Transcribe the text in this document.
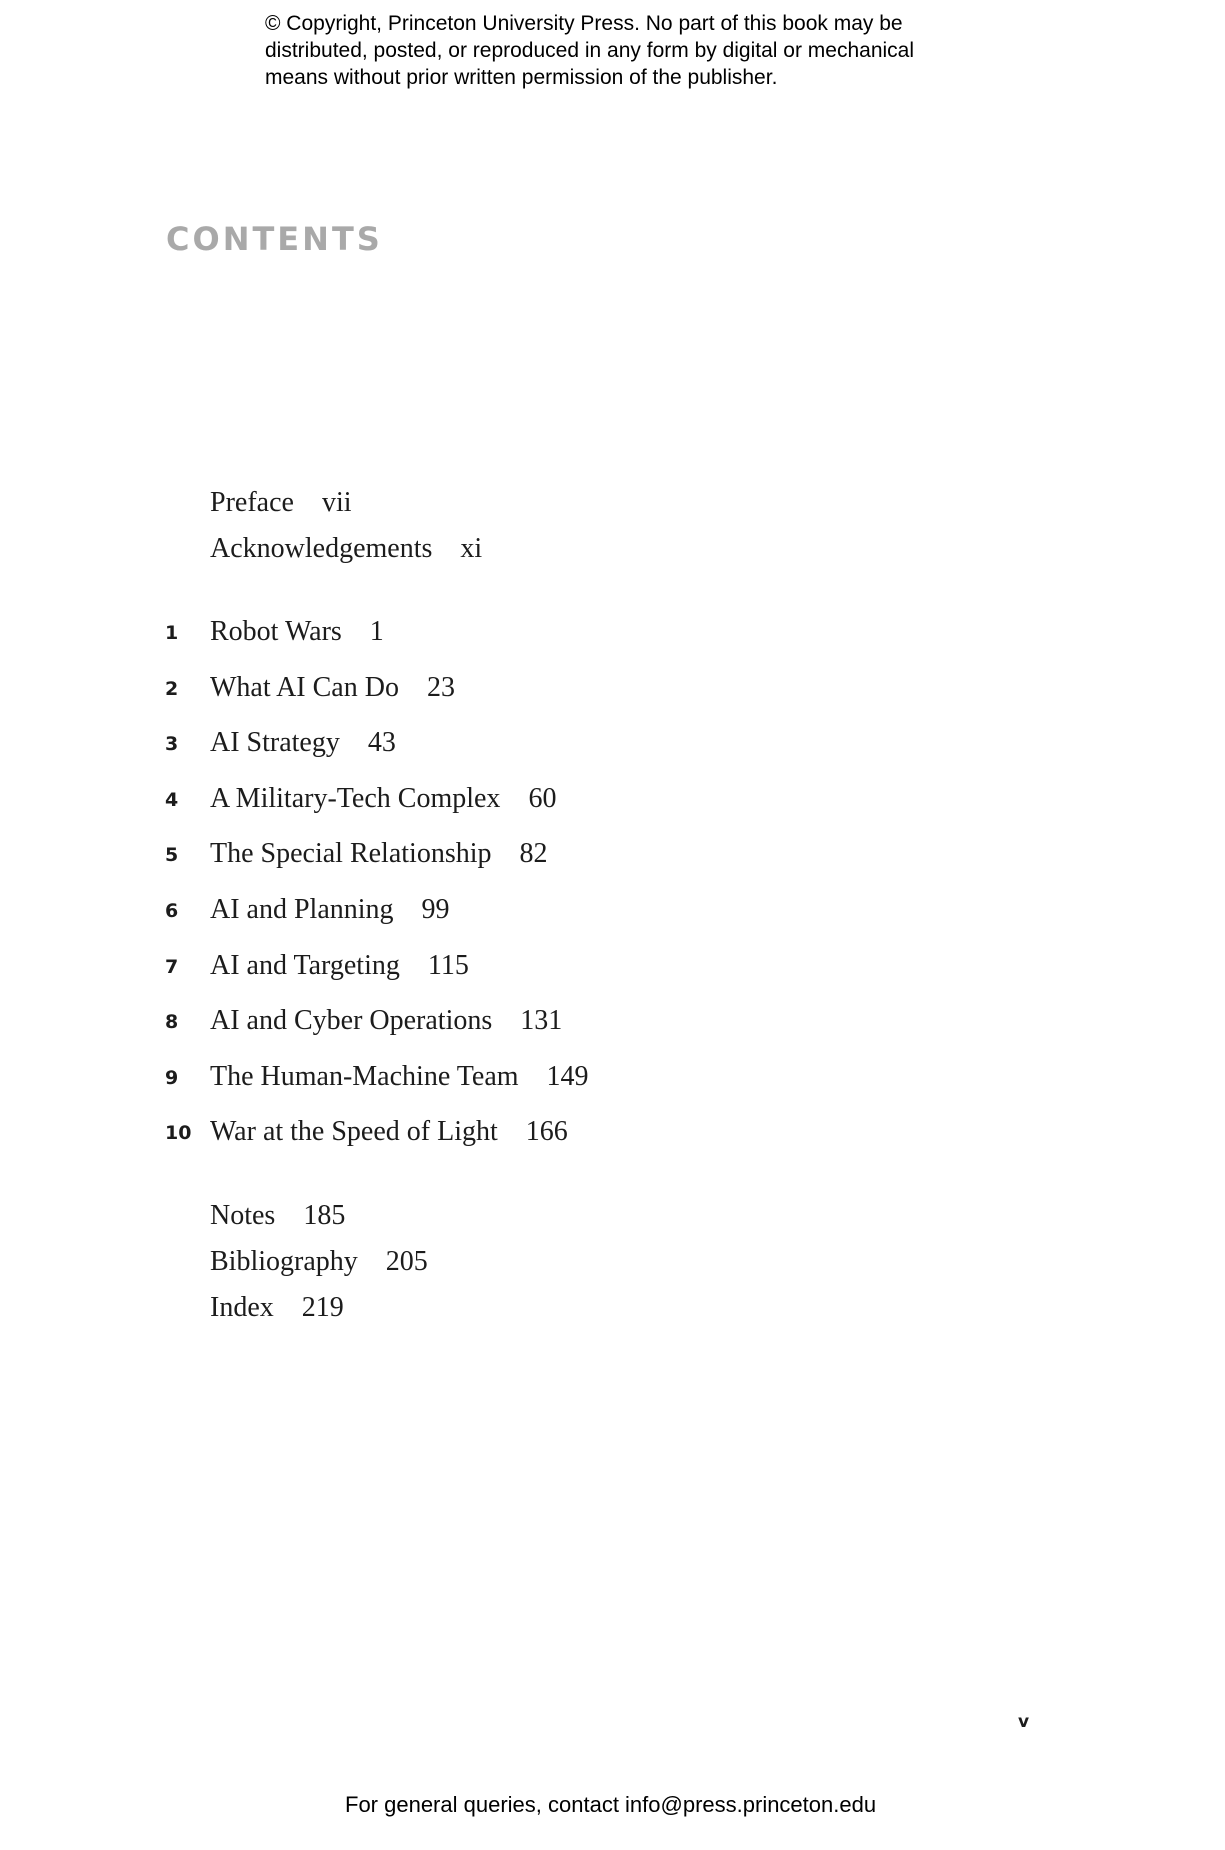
© Copyright, Princeton University Press. No part of this book may be
distributed, posted, or reproduced in any form by digital or mechanical
means without prior written permission of the publisher.
CONTENTS
Preface vii
Acknowledgements xi
1 Robot Wars 1
2 What AI Can Do 23
3 AI Strategy 43
4 A Military-Tech Complex 60
5 The Special Relationship 82
6 AI and Planning 99
7 AI and Targeting 115
8 AI and Cyber Operations 131
9 The Human-Machine Team 149
10 War at the Speed of Light 166
Notes 185
Bibliography 205
Index 219
v
For general queries, contact info@press.princeton.edu
